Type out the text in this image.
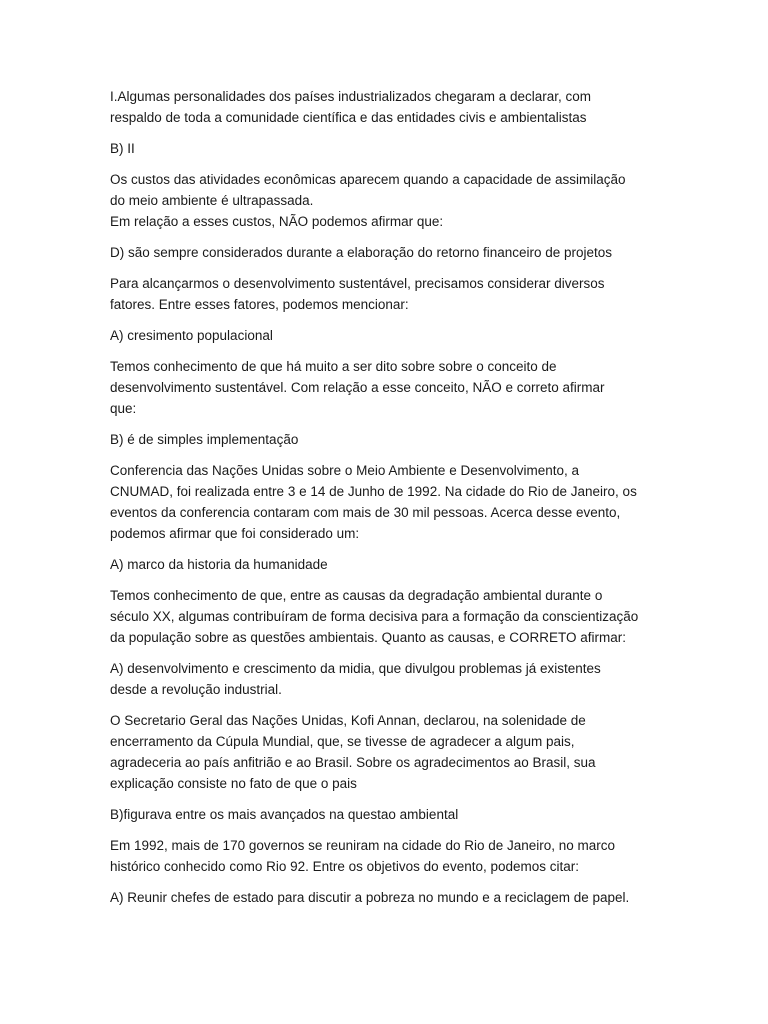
I.Algumas personalidades dos países industrializados chegaram a declarar, com
respaldo de toda a comunidade científica e das entidades civis e ambientalistas

B) II

Os custos das atividades econômicas aparecem quando a capacidade de assimilação
do meio ambiente é ultrapassada.
Em relação a esses custos, NÃO podemos afirmar que:

D) são sempre considerados durante a elaboração do retorno financeiro de projetos

Para alcançarmos o desenvolvimento sustentável, precisamos considerar diversos
fatores. Entre esses fatores, podemos mencionar:

A) cresimento populacional

Temos conhecimento de que há muito a ser dito sobre sobre o conceito de
desenvolvimento sustentável. Com relação a esse conceito, NÃO e correto afirmar
que:

B) é de simples implementação

Conferencia das Nações Unidas sobre o Meio Ambiente e Desenvolvimento, a
CNUMAD, foi realizada entre 3 e 14 de Junho de 1992. Na cidade do Rio de Janeiro, os
eventos da conferencia contaram com mais de 30 mil pessoas. Acerca desse evento,
podemos afirmar que foi considerado um:

A) marco da historia da humanidade

Temos conhecimento de que, entre as causas da degradação ambiental durante o
século XX, algumas contribuíram de forma decisiva para a formação da conscientização
da população sobre as questões ambientais. Quanto as causas, e CORRETO afirmar:

A) desenvolvimento e crescimento da midia, que divulgou problemas já existentes
desde a revolução industrial.

O Secretario Geral das Nações Unidas, Kofi Annan, declarou, na solenidade de
encerramento da Cúpula Mundial, que, se tivesse de agradecer a algum pais,
agradeceria ao país anfitrião e ao Brasil. Sobre os agradecimentos ao Brasil, sua
explicação consiste no fato de que o pais

B)figurava entre os mais avançados na questao ambiental

Em 1992, mais de 170 governos se reuniram na cidade do Rio de Janeiro, no marco
histórico conhecido como Rio 92. Entre os objetivos do evento, podemos citar:

A) Reunir chefes de estado para discutir a pobreza no mundo e a reciclagem de papel.
